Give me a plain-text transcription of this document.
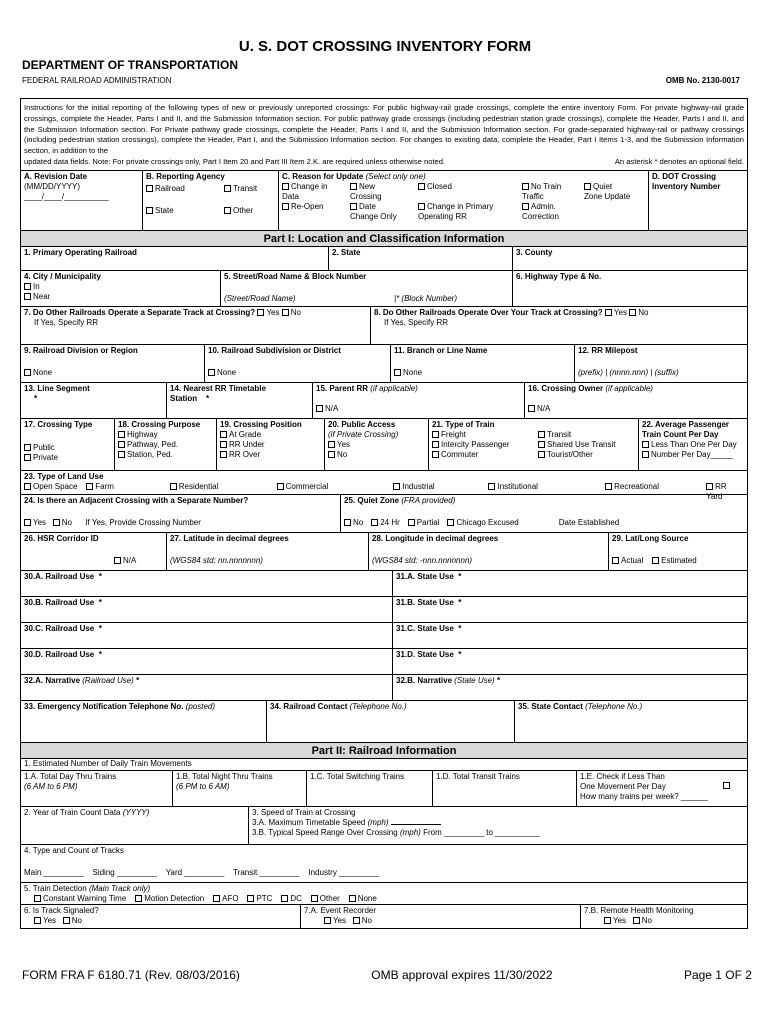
U. S. DOT CROSSING INVENTORY FORM
DEPARTMENT OF TRANSPORTATION
FEDERAL RAILROAD ADMINISTRATION	OMB No. 2130-0017
Instructions for the initial reporting of the following types of new or previously unreported crossings: For public highway-rail grade crossings, complete the entire inventory Form. For private highway-rail grade crossings, complete the Header, Parts I and II, and the Submission Information section. For public pathway grade crossings (including pedestrian station grade crossings), complete the Header, Parts I and II, and the Submission Information section. For Private pathway grade crossings, complete the Header, Parts I and II, and the Submission Information section. For grade-separated highway-rail or pathway crossings (including pedestrian station crossings), complete the Header, Part I, and the Submission Information section. For changes to existing data, complete the Header, Part I Items 1-3, and the Submission Information section, in addition to the
updated data fields. Note: For private crossings only, Part I Item 20 and Part III Item 2.K. are required unless otherwise noted.	An asterisk * denotes an optional field.
A. Revision Date
(MM/DD/YYYY)
____/____/__________
B. Reporting Agency
Railroad	Transit
State	Other
C. Reason for Update (Select only one)
Change in
Data
Re-Open
New
Crossing
Date
Change Only
Closed

Change in Primary
Operating RR
No Train
Traffic
Admin.
Correction
Quiet
Zone Update
D. DOT Crossing
Inventory Number
Part I: Location and Classification Information
1. Primary Operating Railroad	2. State	3. County
4. City / Municipality
In
Near
5. Street/Road Name & Block Number
(Street/Road Name)	|* (Block Number)
6. Highway Type & No.
7. Do Other Railroads Operate a Separate Track at Crossing? Yes No
If Yes, Specify RR
8. Do Other Railroads Operate Over Your Track at Crossing? Yes No
If Yes, Specify RR
9. Railroad Division or Region
None
10. Railroad Subdivision or District
None
11. Branch or Line Name
None
12. RR Milepost
(prefix) | (nnnn.nnn) | (suffix)
13. Line Segment
*
14. Nearest RR Timetable
Station *
15. Parent RR (if applicable)
N/A
16. Crossing Owner (if applicable)
N/A
17. Crossing Type
Public
Private
18. Crossing Purpose
Highway
Pathway, Ped.
Station, Ped.
19. Crossing Position
At Grade
RR Under
RR Over
20. Public Access
(if Private Crossing)
Yes
No
21. Type of Train
Freight
Intercity Passenger
Commuter
Transit
Shared Use Transit
Tourist/Other
22. Average Passenger
Train Count Per Day
Less Than One Per Day
Number Per Day_____
23. Type of Land Use
Open Space	Farm	Residential	Commercial	Industrial	Institutional	Recreational	RR Yard
24. Is there an Adjacent Crossing with a Separate Number?
Yes No If Yes, Provide Crossing Number
25. Quiet Zone (FRA provided)
No	24 Hr	Partial	Chicago Excused	Date Established
26. HSR Corridor ID
N/A
27. Latitude in decimal degrees
(WGS84 std: nn.nnnnnnn)
28. Longitude in decimal degrees
(WGS84 std: -nnn.nnnnnnn)
29. Lat/Long Source
Actual Estimated
30.A. Railroad Use *	31.A. State Use *
30.B. Railroad Use *	31.B. State Use *
30.C. Railroad Use *	31.C. State Use *
30.D. Railroad Use *	31.D. State Use *
32.A. Narrative (Railroad Use) *	32.B. Narrative (State Use) *
33. Emergency Notification Telephone No. (posted)	34. Railroad Contact (Telephone No.)	35. State Contact (Telephone No.)
Part II: Railroad Information
1. Estimated Number of Daily Train Movements
1.A. Total Day Thru Trains
(6 AM to 6 PM)
1.B. Total Night Thru Trains
(6 PM to 6 AM)
1.C. Total Switching Trains	1.D. Total Transit Trains	1.E. Check if Less Than
One Movement Per Day
How many trains per week? ______
2. Year of Train Count Data (YYYY)	3. Speed of Train at Crossing
3.A. Maximum Timetable Speed (mph)
3.B. Typical Speed Range Over Crossing (mph) From _________ to __________
4. Type and Count of Tracks
Main _________    Siding _________    Yard _________    Transit _________    Industry _________
5. Train Detection (Main Track only)
Constant Warning Time Motion Detection AFO PTC DC Other None
6. Is Track Signaled?
Yes No
7.A. Event Recorder
Yes No
7.B. Remote Health Monitoring
Yes No
FORM FRA F 6180.71 (Rev. 08/03/2016)	OMB approval expires 11/30/2022	Page 1 OF 2
